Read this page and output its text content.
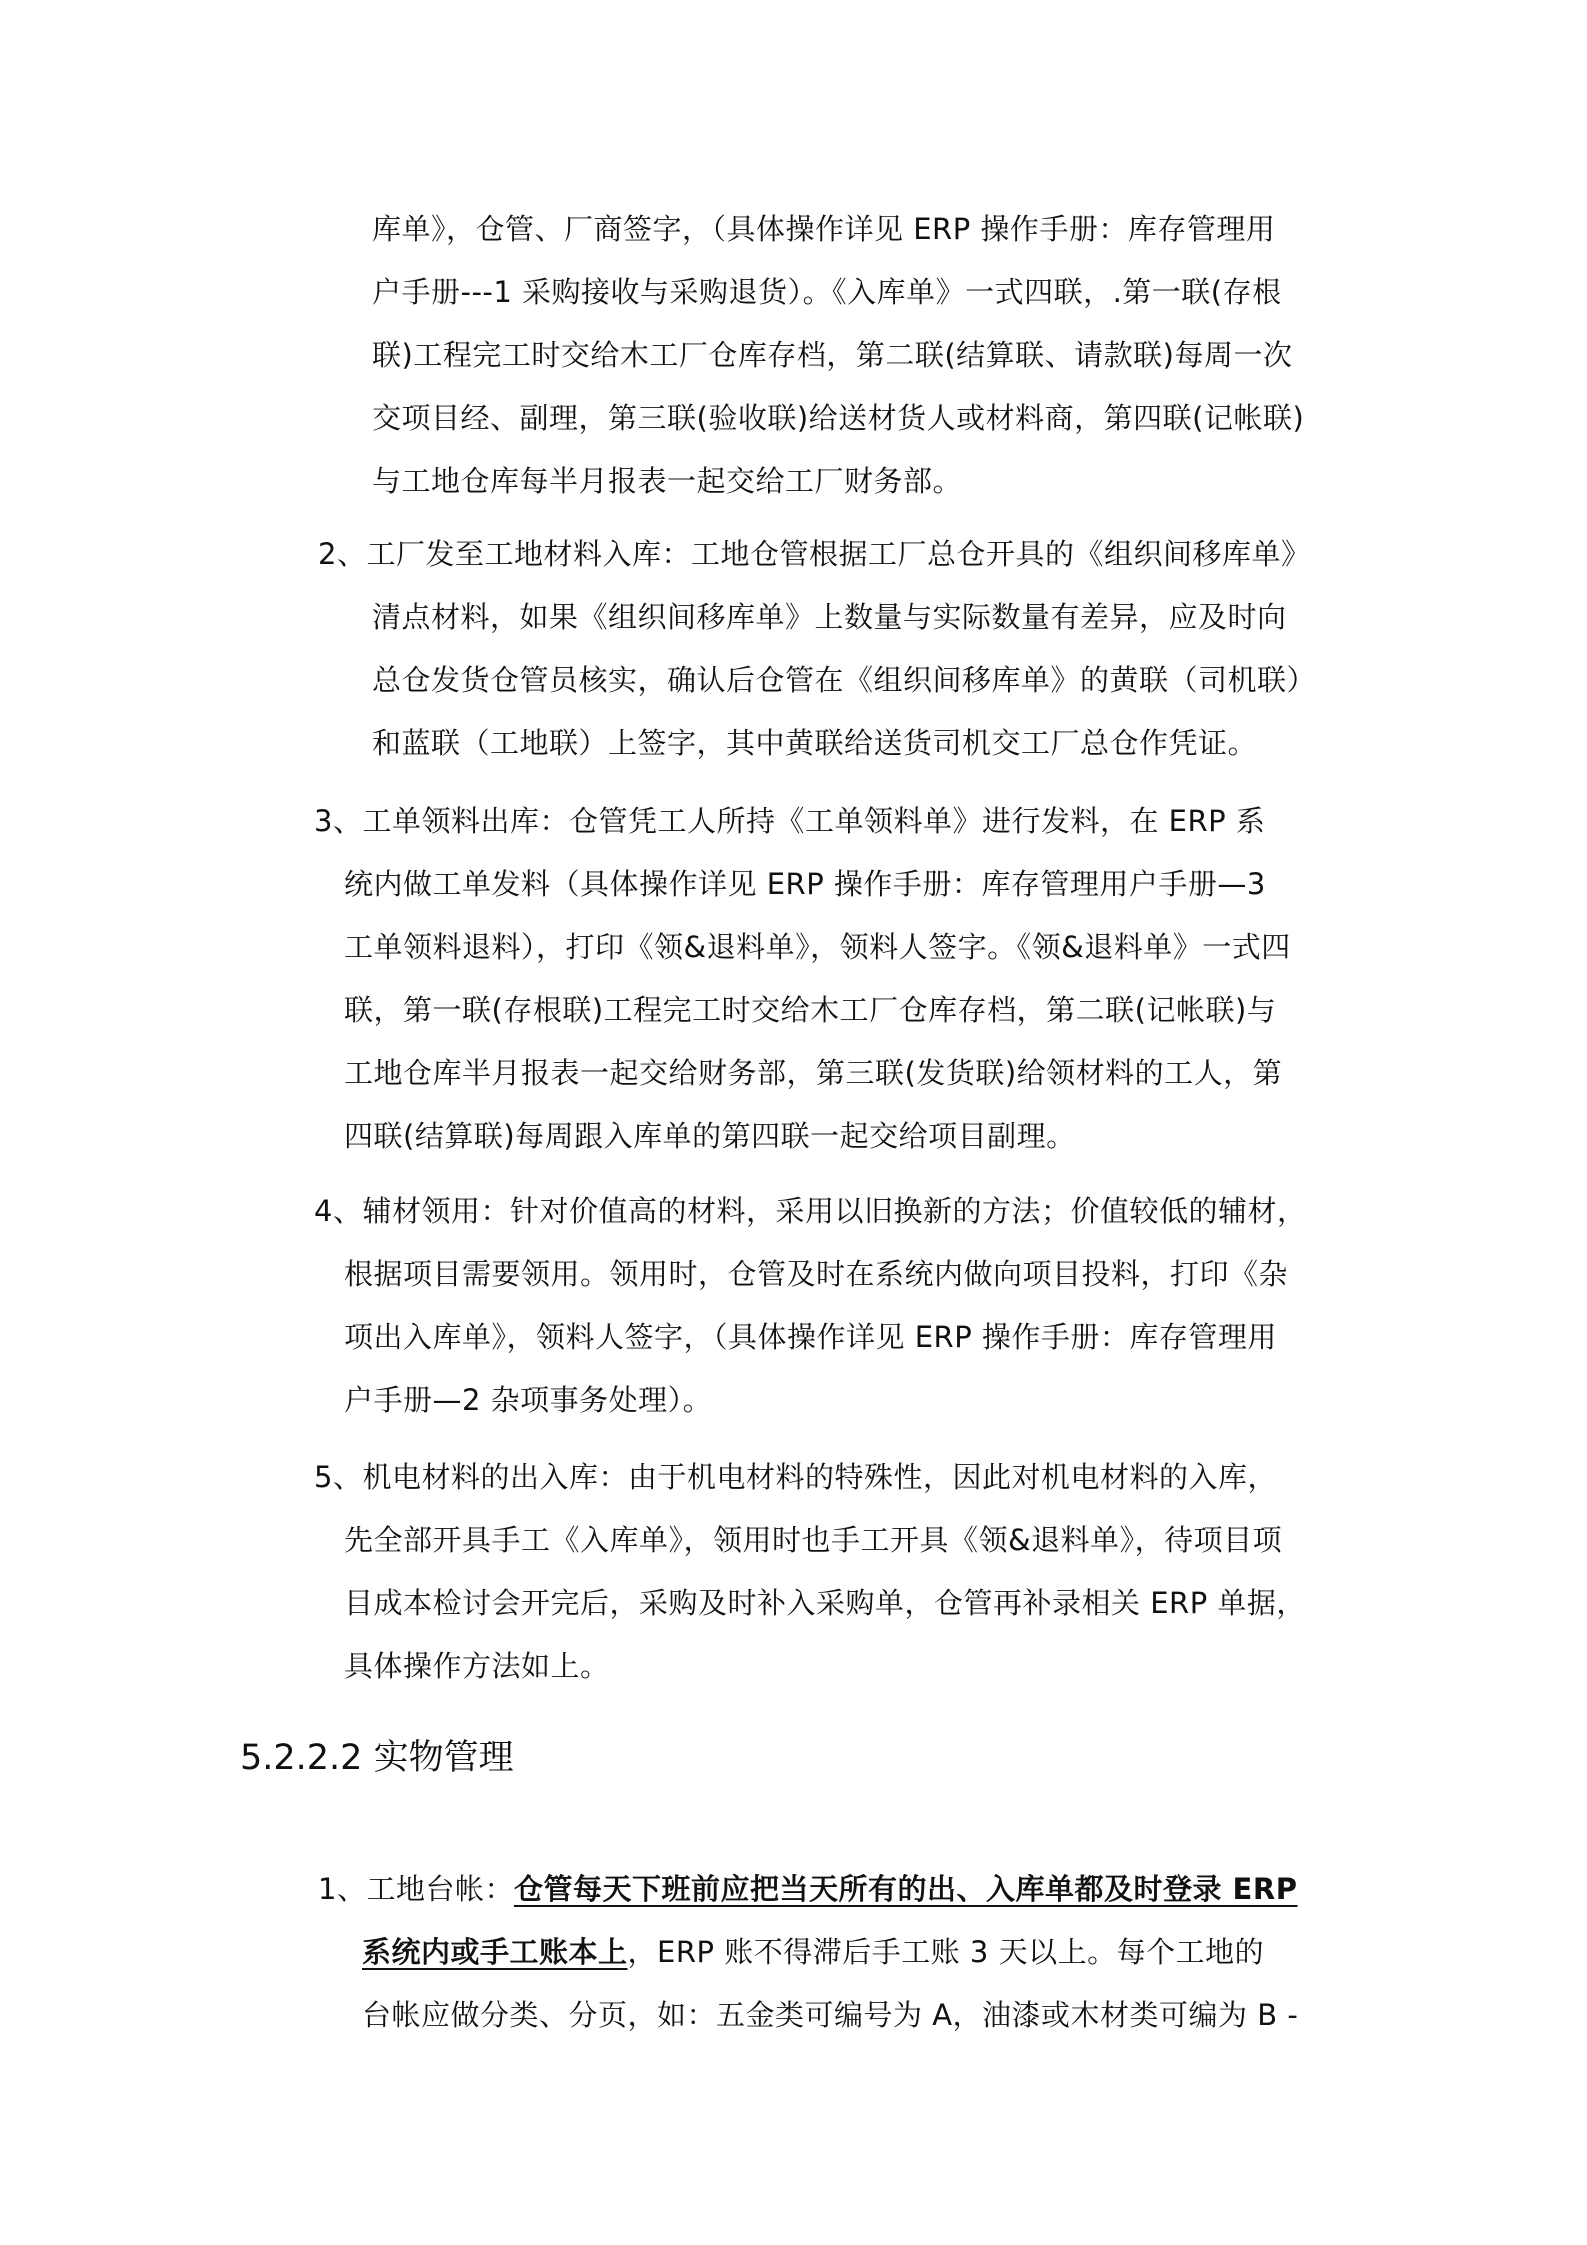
库单》，仓管、厂商签字，（具体操作详见 ERP 操作手册：库存管理用
户手册---1 采购接收与采购退货）。《入库单》一式四联，.第一联(存根
联)工程完工时交给木工厂仓库存档，第二联(结算联、请款联)每周一次
交项目经、副理，第三联(验收联)给送材货人或材料商，第四联(记帐联)
与工地仓库每半月报表一起交给工厂财务部。
2、工厂发至工地材料入库：工地仓管根据工厂总仓开具的《组织间移库单》
清点材料，如果《组织间移库单》上数量与实际数量有差异，应及时向
总仓发货仓管员核实，确认后仓管在《组织间移库单》的黄联（司机联）
和蓝联（工地联）上签字，其中黄联给送货司机交工厂总仓作凭证。
3、工单领料出库：仓管凭工人所持《工单领料单》进行发料，在 ERP 系
统内做工单发料（具体操作详见 ERP 操作手册：库存管理用户手册—3
工单领料退料），打印《领&退料单》，领料人签字。《领&退料单》一式四
联，第一联(存根联)工程完工时交给木工厂仓库存档，第二联(记帐联)与
工地仓库半月报表一起交给财务部，第三联(发货联)给领材料的工人，第
四联(结算联)每周跟入库单的第四联一起交给项目副理。
4、辅材领用：针对价值高的材料，采用以旧换新的方法；价值较低的辅材，
根据项目需要领用。领用时，仓管及时在系统内做向项目投料，打印《杂
项出入库单》，领料人签字，（具体操作详见 ERP 操作手册：库存管理用
户手册—2 杂项事务处理）。
5、机电材料的出入库：由于机电材料的特殊性，因此对机电材料的入库，
先全部开具手工《入库单》，领用时也手工开具《领&退料单》，待项目项
目成本检讨会开完后，采购及时补入采购单，仓管再补录相关 ERP 单据，
具体操作方法如上。
5.2.2.2 实物管理
1、工地台帐：仓管每天下班前应把当天所有的出、入库单都及时登录 ERP
系统内或手工账本上，ERP 账不得滞后手工账 3 天以上。每个工地的
台帐应做分类、分页，如：五金类可编号为 A，油漆或木材类可编为 B -
